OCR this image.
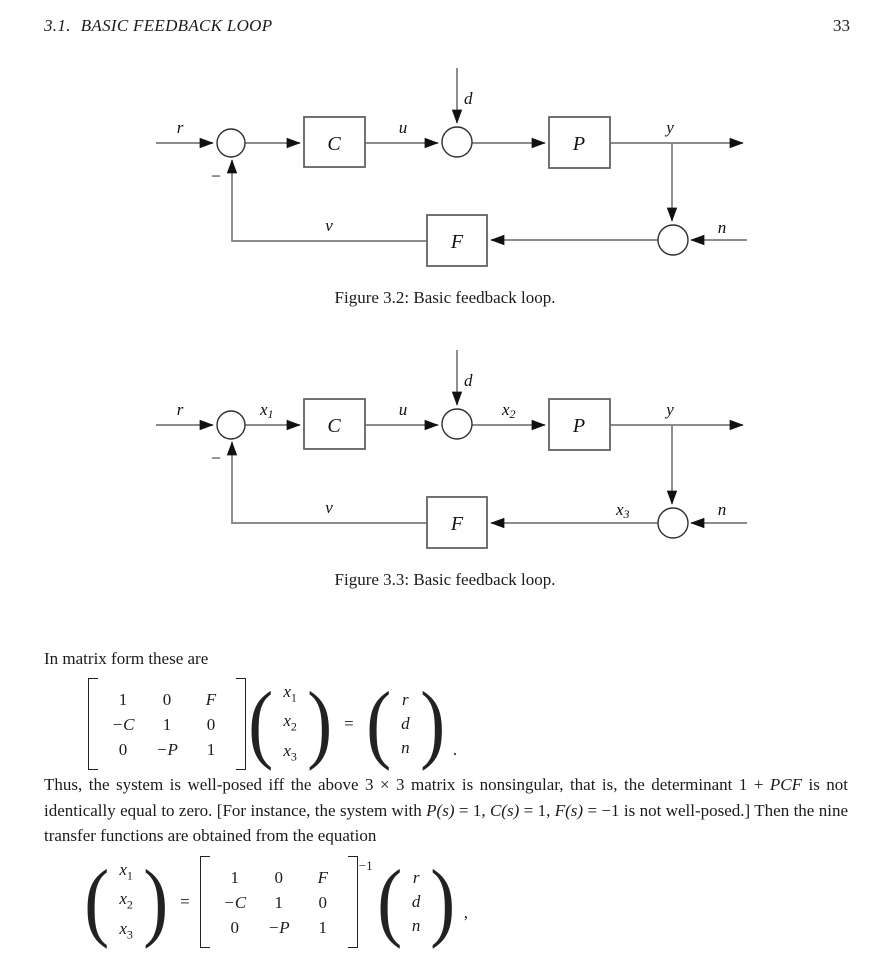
3.1. BASIC FEEDBACK LOOP	33
C	P
F
r
−
u
d
y
n
v
Figure 3.2: Basic feedback loop.
C	P
F
r
−
x1	u
d
x2	y
x3	n
v
Figure 3.3: Basic feedback loop.
In matrix form these are
1	0	F
−C	1	0
0	−P	1 ( $x_1$
$x_2$
$x_3$ ) = ( r
d
n ) .
Thus, the system is well-posed iff the above 3 × 3 matrix is nonsingular, that is, the determinant 1 + PCF is not identically equal to zero. [For instance, the system with P(s) = 1, C(s) = 1, F(s) = −1 is not well-posed.] Then the nine transfer functions are obtained from the equation
( $x_1$
$x_2$
$x_3$ ) =
1	0	F
−C	1	0
0	−P	1
−1 ( r
d
n ) ,
